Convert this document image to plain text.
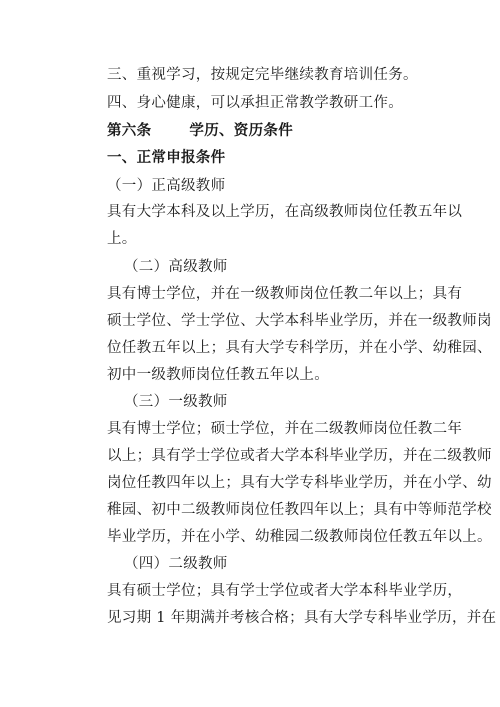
三、重视学习，按规定完毕继续教育培训任务。
四、身心健康，可以承担正常教学教研工作。
第六条	学历、资历条件
一、正常申报条件
（一）正高级教师
具有大学本科及以上学历，在高级教师岗位任教五年以
上。
（二）高级教师
具有博士学位，并在一级教师岗位任教二年以上；具有
硕士学位、学士学位、大学本科毕业学历，并在一级教师岗
位任教五年以上；具有大学专科学历，并在小学、幼稚园、
初中一级教师岗位任教五年以上。
（三）一级教师
具有博士学位；硕士学位，并在二级教师岗位任教二年
以上；具有学士学位或者大学本科毕业学历，并在二级教师
岗位任教四年以上；具有大学专科毕业学历，并在小学、幼
稚园、初中二级教师岗位任教四年以上；具有中等师范学校
毕业学历，并在小学、幼稚园二级教师岗位任教五年以上。
（四）二级教师
具有硕士学位；具有学士学位或者大学本科毕业学历，
见习期 1 年期满并考核合格；具有大学专科毕业学历，并在
